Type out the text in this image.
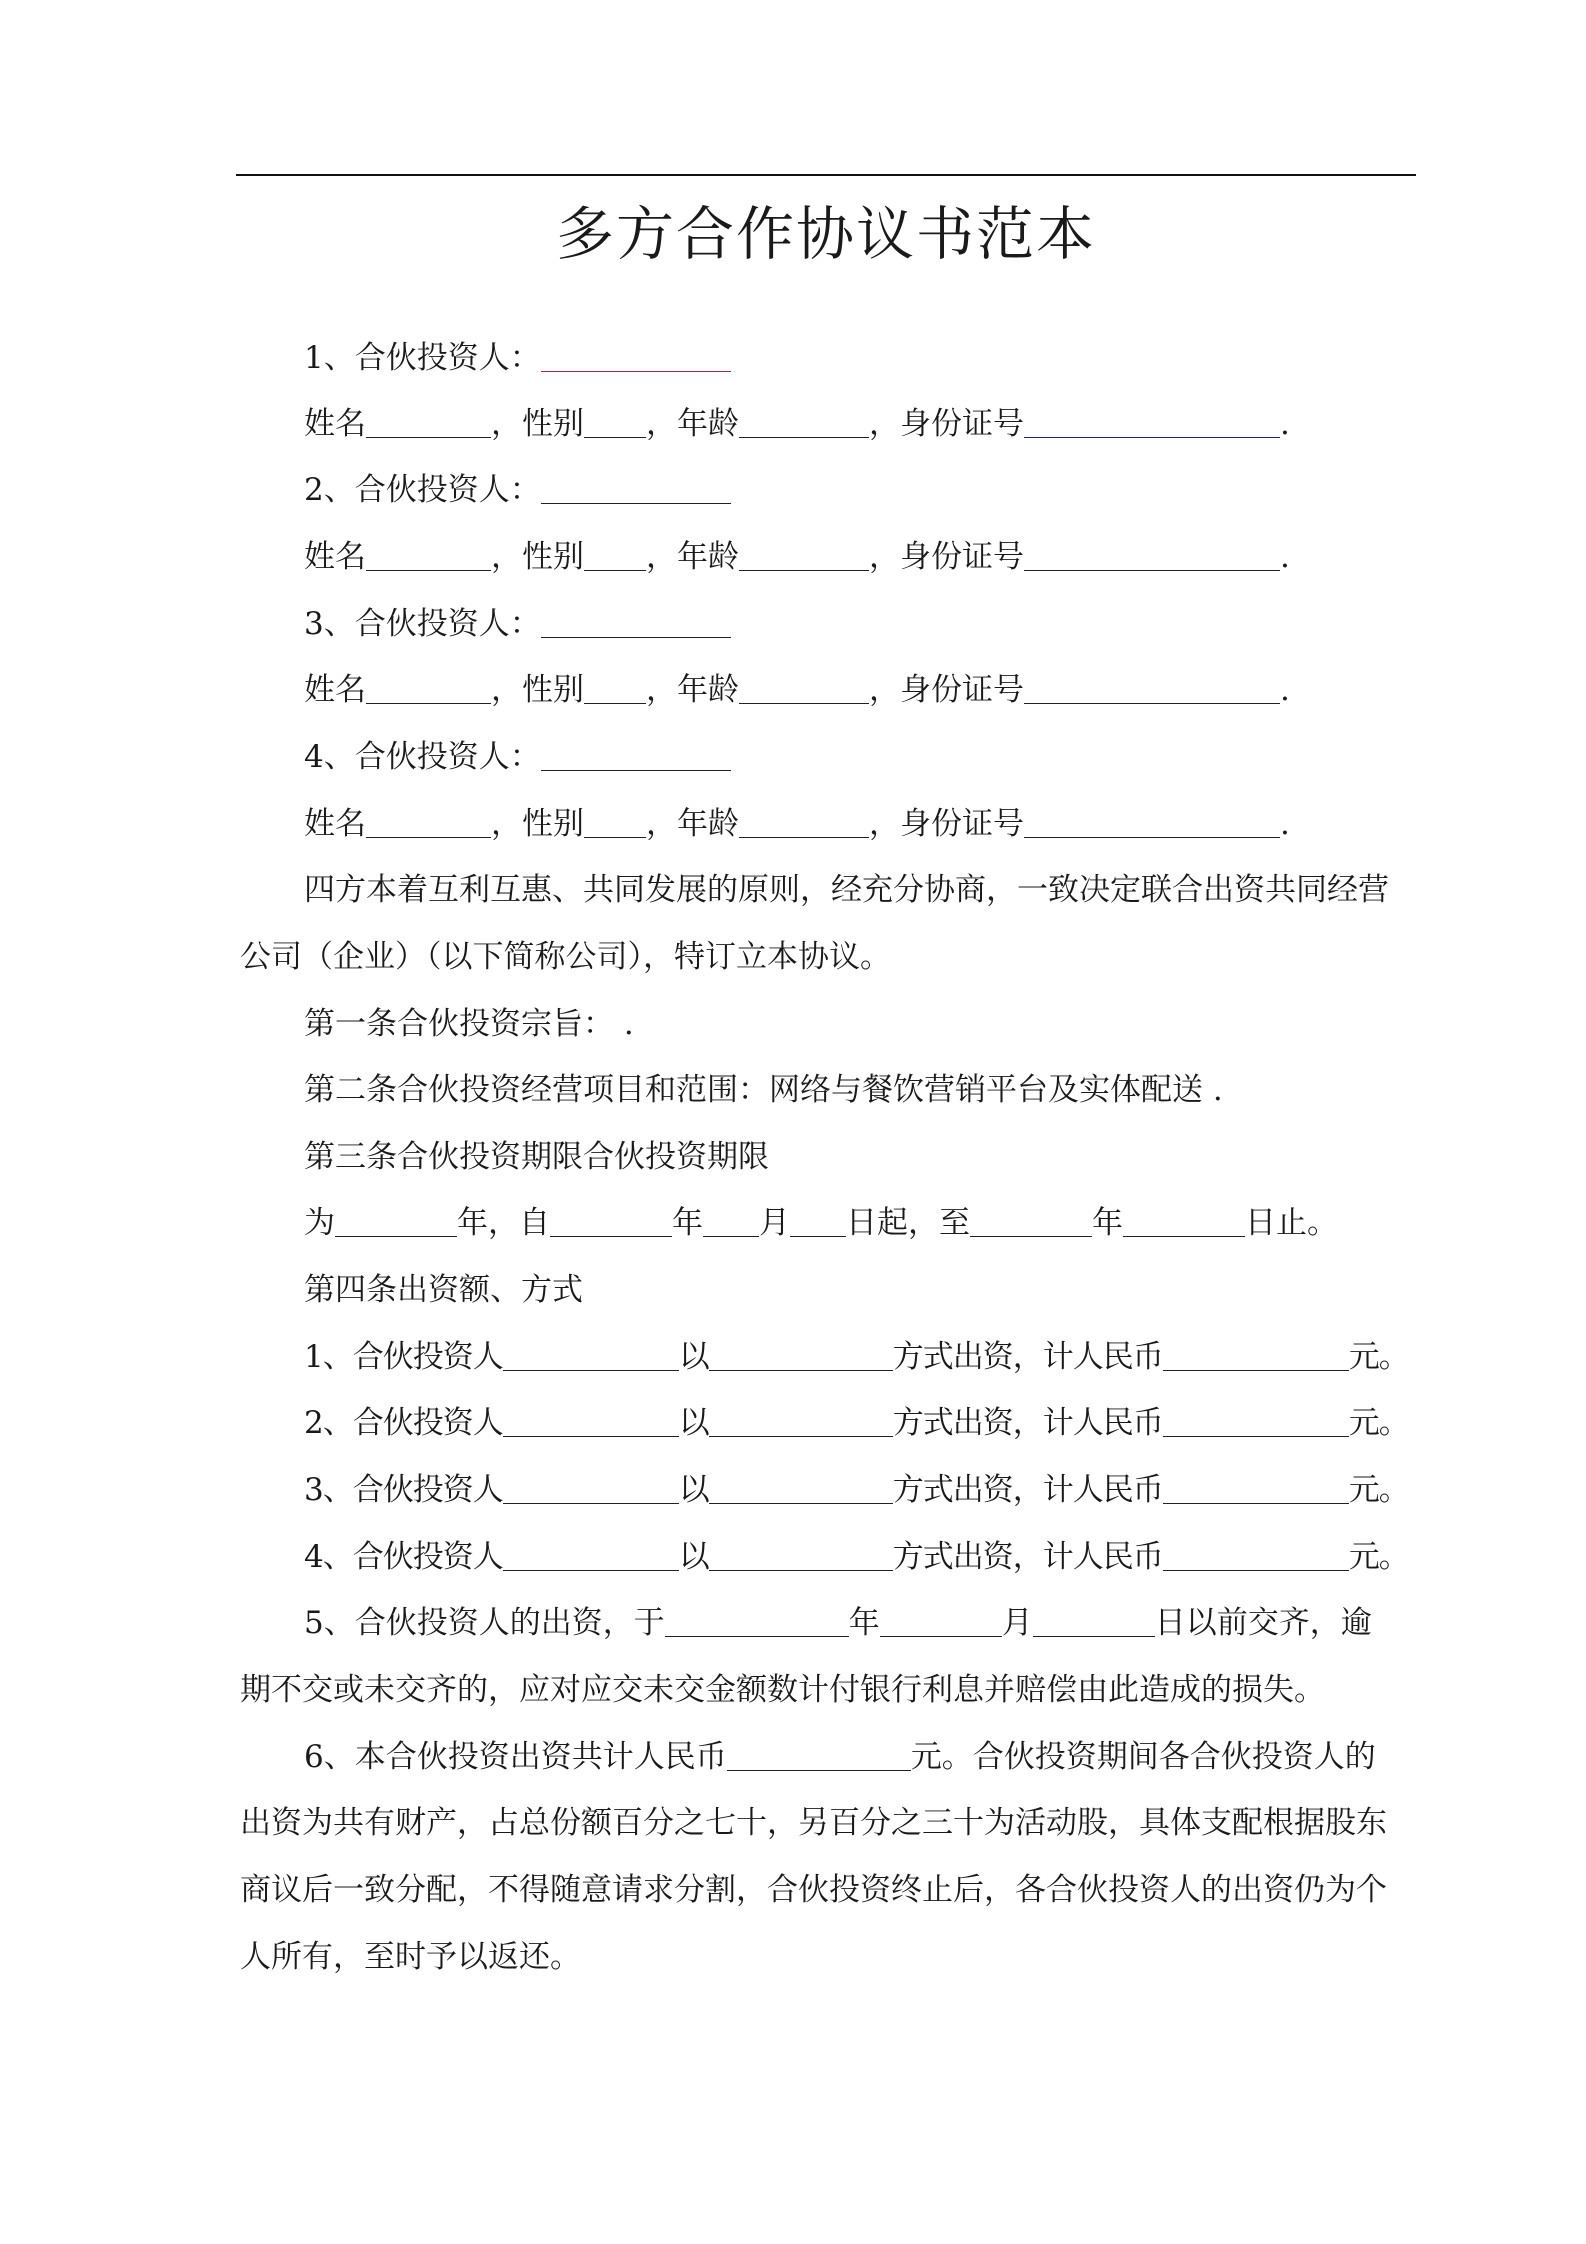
多方合作协议书范本
1、合伙投资人：
姓名	，性别 ，年龄	，身份证号	.
2、合伙投资人：
姓名	，性别 ，年龄	，身份证号	.
3、合伙投资人：
姓名	，性别 ，年龄	，身份证号	.
4、合伙投资人：
姓名	，性别 ，年龄	，身份证号	.
四方本着互利互惠、共同发展的原则，经充分协商，一致决定联合出资共同经营
公司（企业）（以下简称公司），特订立本协议。
第一条合伙投资宗旨： .
第二条合伙投资经营项目和范围：网络与餐饮营销平台及实体配送 .
第三条合伙投资期限合伙投资期限
为	年，自	年 月 日起，至	年	日止。
第四条出资额、方式
1、合伙投资人	以	方式出资，计人民币	元。
2、合伙投资人	以	方式出资，计人民币	元。
3、合伙投资人	以	方式出资，计人民币	元。
4、合伙投资人	以	方式出资，计人民币	元。
5、合伙投资人的出资，于	年	月	日以前交齐，逾
期不交或未交齐的，应对应交未交金额数计付银行利息并赔偿由此造成的损失。
6、本合伙投资出资共计人民币	元。合伙投资期间各合伙投资人的
出资为共有财产，占总份额百分之七十，另百分之三十为活动股，具体支配根据股东
商议后一致分配，不得随意请求分割，合伙投资终止后，各合伙投资人的出资仍为个
人所有，至时予以返还。
